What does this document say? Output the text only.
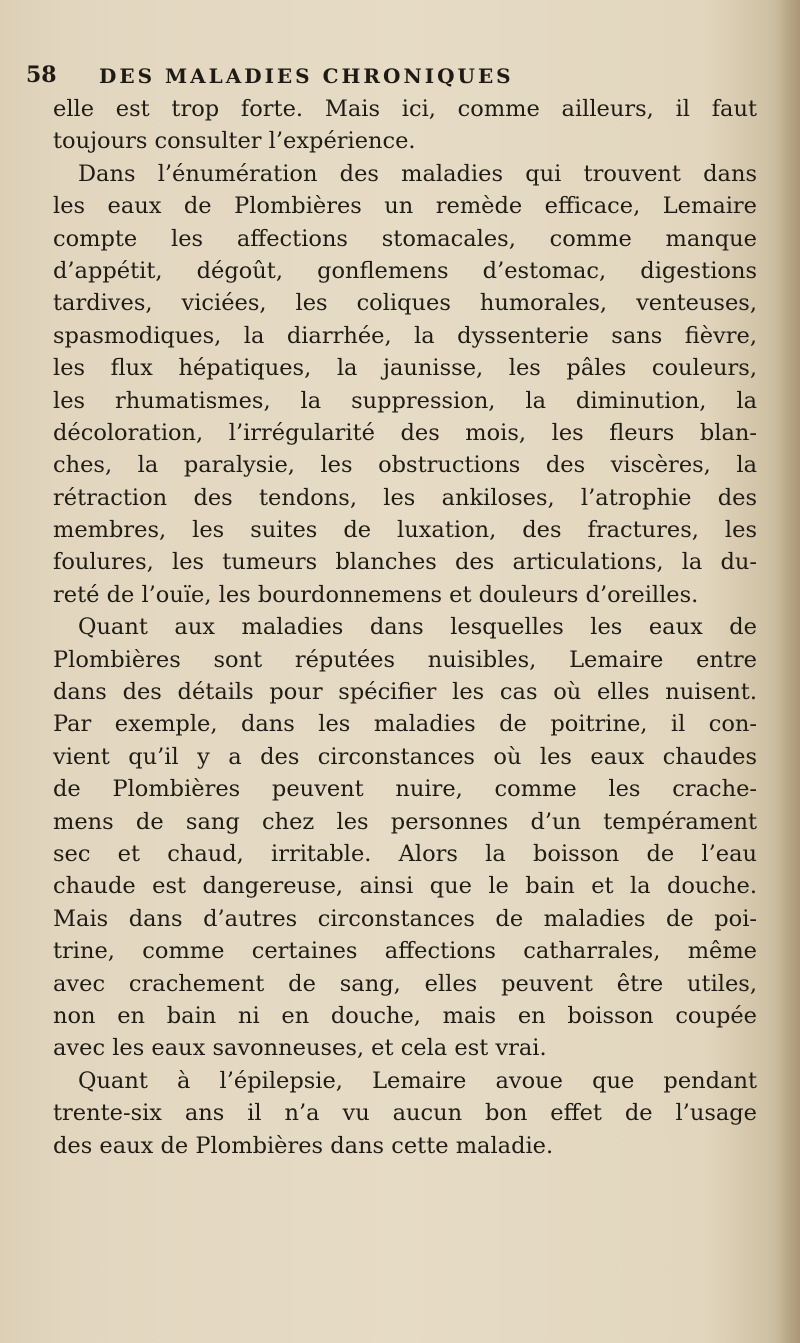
58 DES MALADIES CHRONIQUES
elle est trop forte. Mais ici, comme ailleurs, il faut
toujours consulter l’expérience.
Dans l’énumération des maladies qui trouvent dans
les eaux de Plombières un remède efficace, Lemaire
compte les affections stomacales, comme manque
d’appétit, dégoût, gonflemens d’estomac, digestions
tardives, viciées, les coliques humorales, venteuses,
spasmodiques, la diarrhée, la dyssenterie sans fièvre,
les flux hépatiques, la jaunisse, les pâles couleurs,
les rhumatismes, la suppression, la diminution, la
décoloration, l’irrégularité des mois, les fleurs blan-
ches, la paralysie, les obstructions des viscères, la
rétraction des tendons, les ankiloses, l’atrophie des
membres, les suites de luxation, des fractures, les
foulures, les tumeurs blanches des articulations, la du-
reté de l’ouïe, les bourdonnemens et douleurs d’oreilles.
Quant aux maladies dans lesquelles les eaux de
Plombières sont réputées nuisibles, Lemaire entre
dans des détails pour spécifier les cas où elles nuisent.
Par exemple, dans les maladies de poitrine, il con-
vient qu’il y a des circonstances où les eaux chaudes
de Plombières peuvent nuire, comme les crache-
mens de sang chez les personnes d’un tempérament
sec et chaud, irritable. Alors la boisson de l’eau
chaude est dangereuse, ainsi que le bain et la douche.
Mais dans d’autres circonstances de maladies de poi-
trine, comme certaines affections catharrales, même
avec crachement de sang, elles peuvent être utiles,
non en bain ni en douche, mais en boisson coupée
avec les eaux savonneuses, et cela est vrai.
Quant à l’épilepsie, Lemaire avoue que pendant
trente-six ans il n’a vu aucun bon effet de l’usage
des eaux de Plombières dans cette maladie.
